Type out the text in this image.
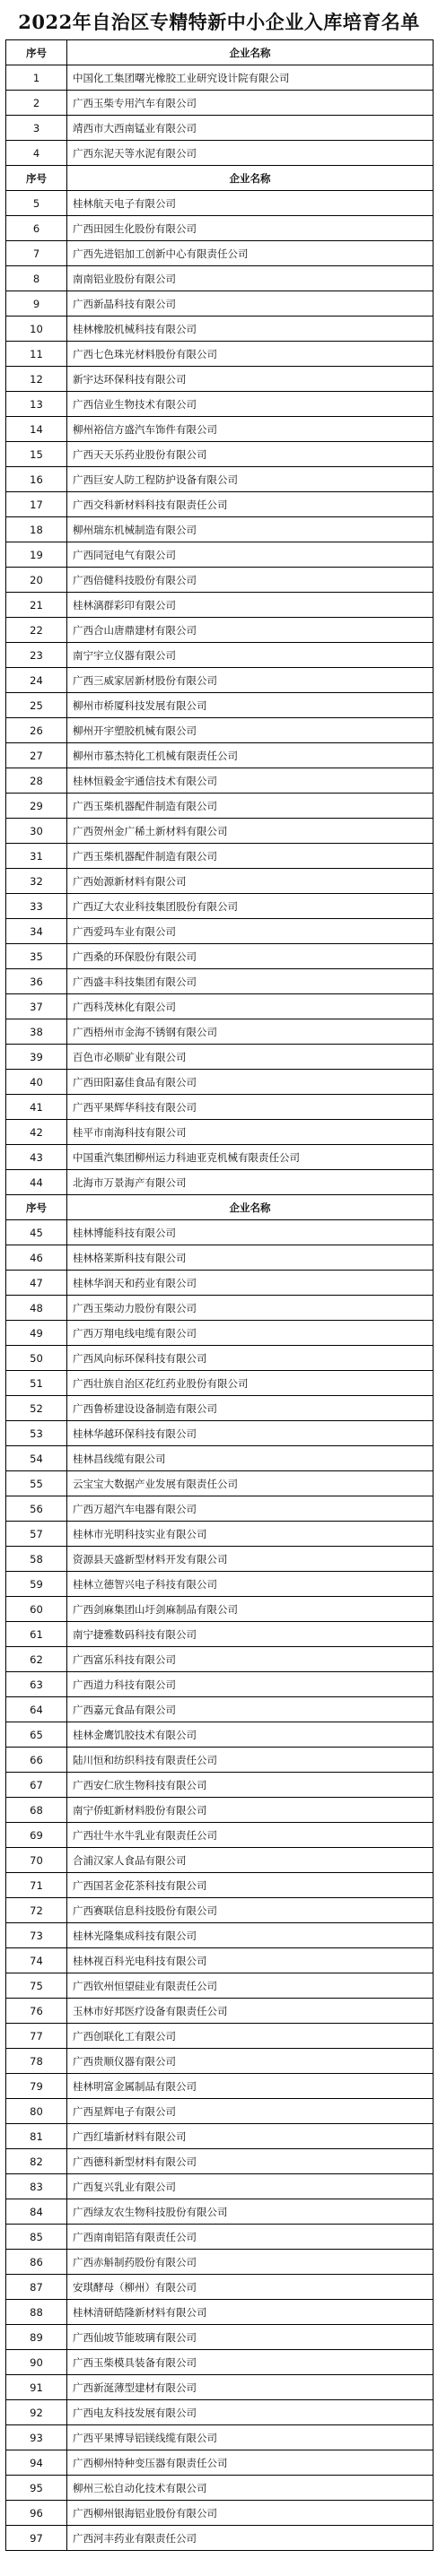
2022年自治区专精特新中小企业入库培育名单
序号	企业名称
1	中国化工集团曙光橡胶工业研究设计院有限公司
2	广西玉柴专用汽车有限公司
3	靖西市大西南锰业有限公司
4	广西东泥天等水泥有限公司
序号	企业名称
5	桂林航天电子有限公司
6	广西田园生化股份有限公司
7	广西先进铝加工创新中心有限责任公司
8	南南铝业股份有限公司
9	广西新晶科技有限公司
10	桂林橡胶机械科技有限公司
11	广西七色珠光材料股份有限公司
12	新宇达环保科技有限公司
13	广西信业生物技术有限公司
14	柳州裕信方盛汽车饰件有限公司
15	广西天天乐药业股份有限公司
16	广西巨安人防工程防护设备有限公司
17	广西交科新材料科技有限责任公司
18	柳州瑞东机械制造有限公司
19	广西同冠电气有限公司
20	广西倍健科技股份有限公司
21	桂林漓群彩印有限公司
22	广西合山唐鼎建材有限公司
23	南宁宇立仪器有限公司
24	广西三威家居新材股份有限公司
25	柳州市桥厦科技发展有限公司
26	柳州开宇塑胶机械有限公司
27	柳州市慕杰特化工机械有限责任公司
28	桂林恒毅金宇通信技术有限公司
29	广西玉柴机器配件制造有限公司
30	广西贺州金广稀土新材料有限公司
31	广西玉柴机器配件制造有限公司
32	广西始源新材料有限公司
33	广西辽大农业科技集团股份有限公司
34	广西爱玛车业有限公司
35	广西桑的环保股份有限公司
36	广西盛丰科技集团有限公司
37	广西科茂林化有限公司
38	广西梧州市金海不锈钢有限公司
39	百色市必顺矿业有限公司
40	广西田阳嘉佳食品有限公司
41	广西平果辉华科技有限公司
42	桂平市南海科技有限公司
43	中国重汽集团柳州运力科迪亚克机械有限责任公司
44	北海市万景海产有限公司
序号	企业名称
45	桂林博能科技有限公司
46	桂林格莱斯科技有限公司
47	桂林华润天和药业有限公司
48	广西玉柴动力股份有限公司
49	广西万翔电线电缆有限公司
50	广西风向标环保科技有限公司
51	广西壮族自治区花红药业股份有限公司
52	广西鲁桥建设设备制造有限公司
53	桂林华越环保科技有限公司
54	桂林昌线缆有限公司
55	云宝宝大数据产业发展有限责任公司
56	广西万超汽车电器有限公司
57	桂林市光明科技实业有限公司
58	资源县天盛新型材料开发有限公司
59	桂林立德智兴电子科技有限公司
60	广西剑麻集团山圩剑麻制品有限公司
61	南宁捷雅数码科技有限公司
62	广西富乐科技有限公司
63	广西道力科技有限公司
64	广西嘉元食品有限公司
65	桂林金鹰饥胶技术有限公司
66	陆川恒和纺织科技有限责任公司
67	广西安仁欣生物科技有限公司
68	南宁侨虹新材料股份有限公司
69	广西壮牛水牛乳业有限责任公司
70	合浦汉家人食品有限公司
71	广西国茗金花茶科技有限公司
72	广西赛联信息科技股份有限公司
73	桂林光隆集成科技有限公司
74	桂林视百科光电科技有限公司
75	广西钦州恒望硅业有限责任公司
76	玉林市好邦医疗设备有限责任公司
77	广西创联化工有限公司
78	广西贵顺仪器有限公司
79	桂林明富金属制品有限公司
80	广西星辉电子有限公司
81	广西红墙新材料有限公司
82	广西德科新型材料有限公司
83	广西复兴乳业有限公司
84	广西绿友农生物科技股份有限公司
85	广西南南铝箔有限责任公司
86	广西赤斛制药股份有限公司
87	安琪酵母（柳州）有限公司
88	桂林清研皓隆新材料有限公司
89	广西仙坡节能玻璃有限公司
90	广西玉柴模具装备有限公司
91	广西新涎薄型建材有限公司
92	广西电友科技发展有限公司
93	广西平果博导铝镁线缆有限公司
94	广西柳州特种变压器有限责任公司
95	柳州三松自动化技术有限公司
96	广西柳州银海铝业股份有限公司
97	广西河丰药业有限责任公司
